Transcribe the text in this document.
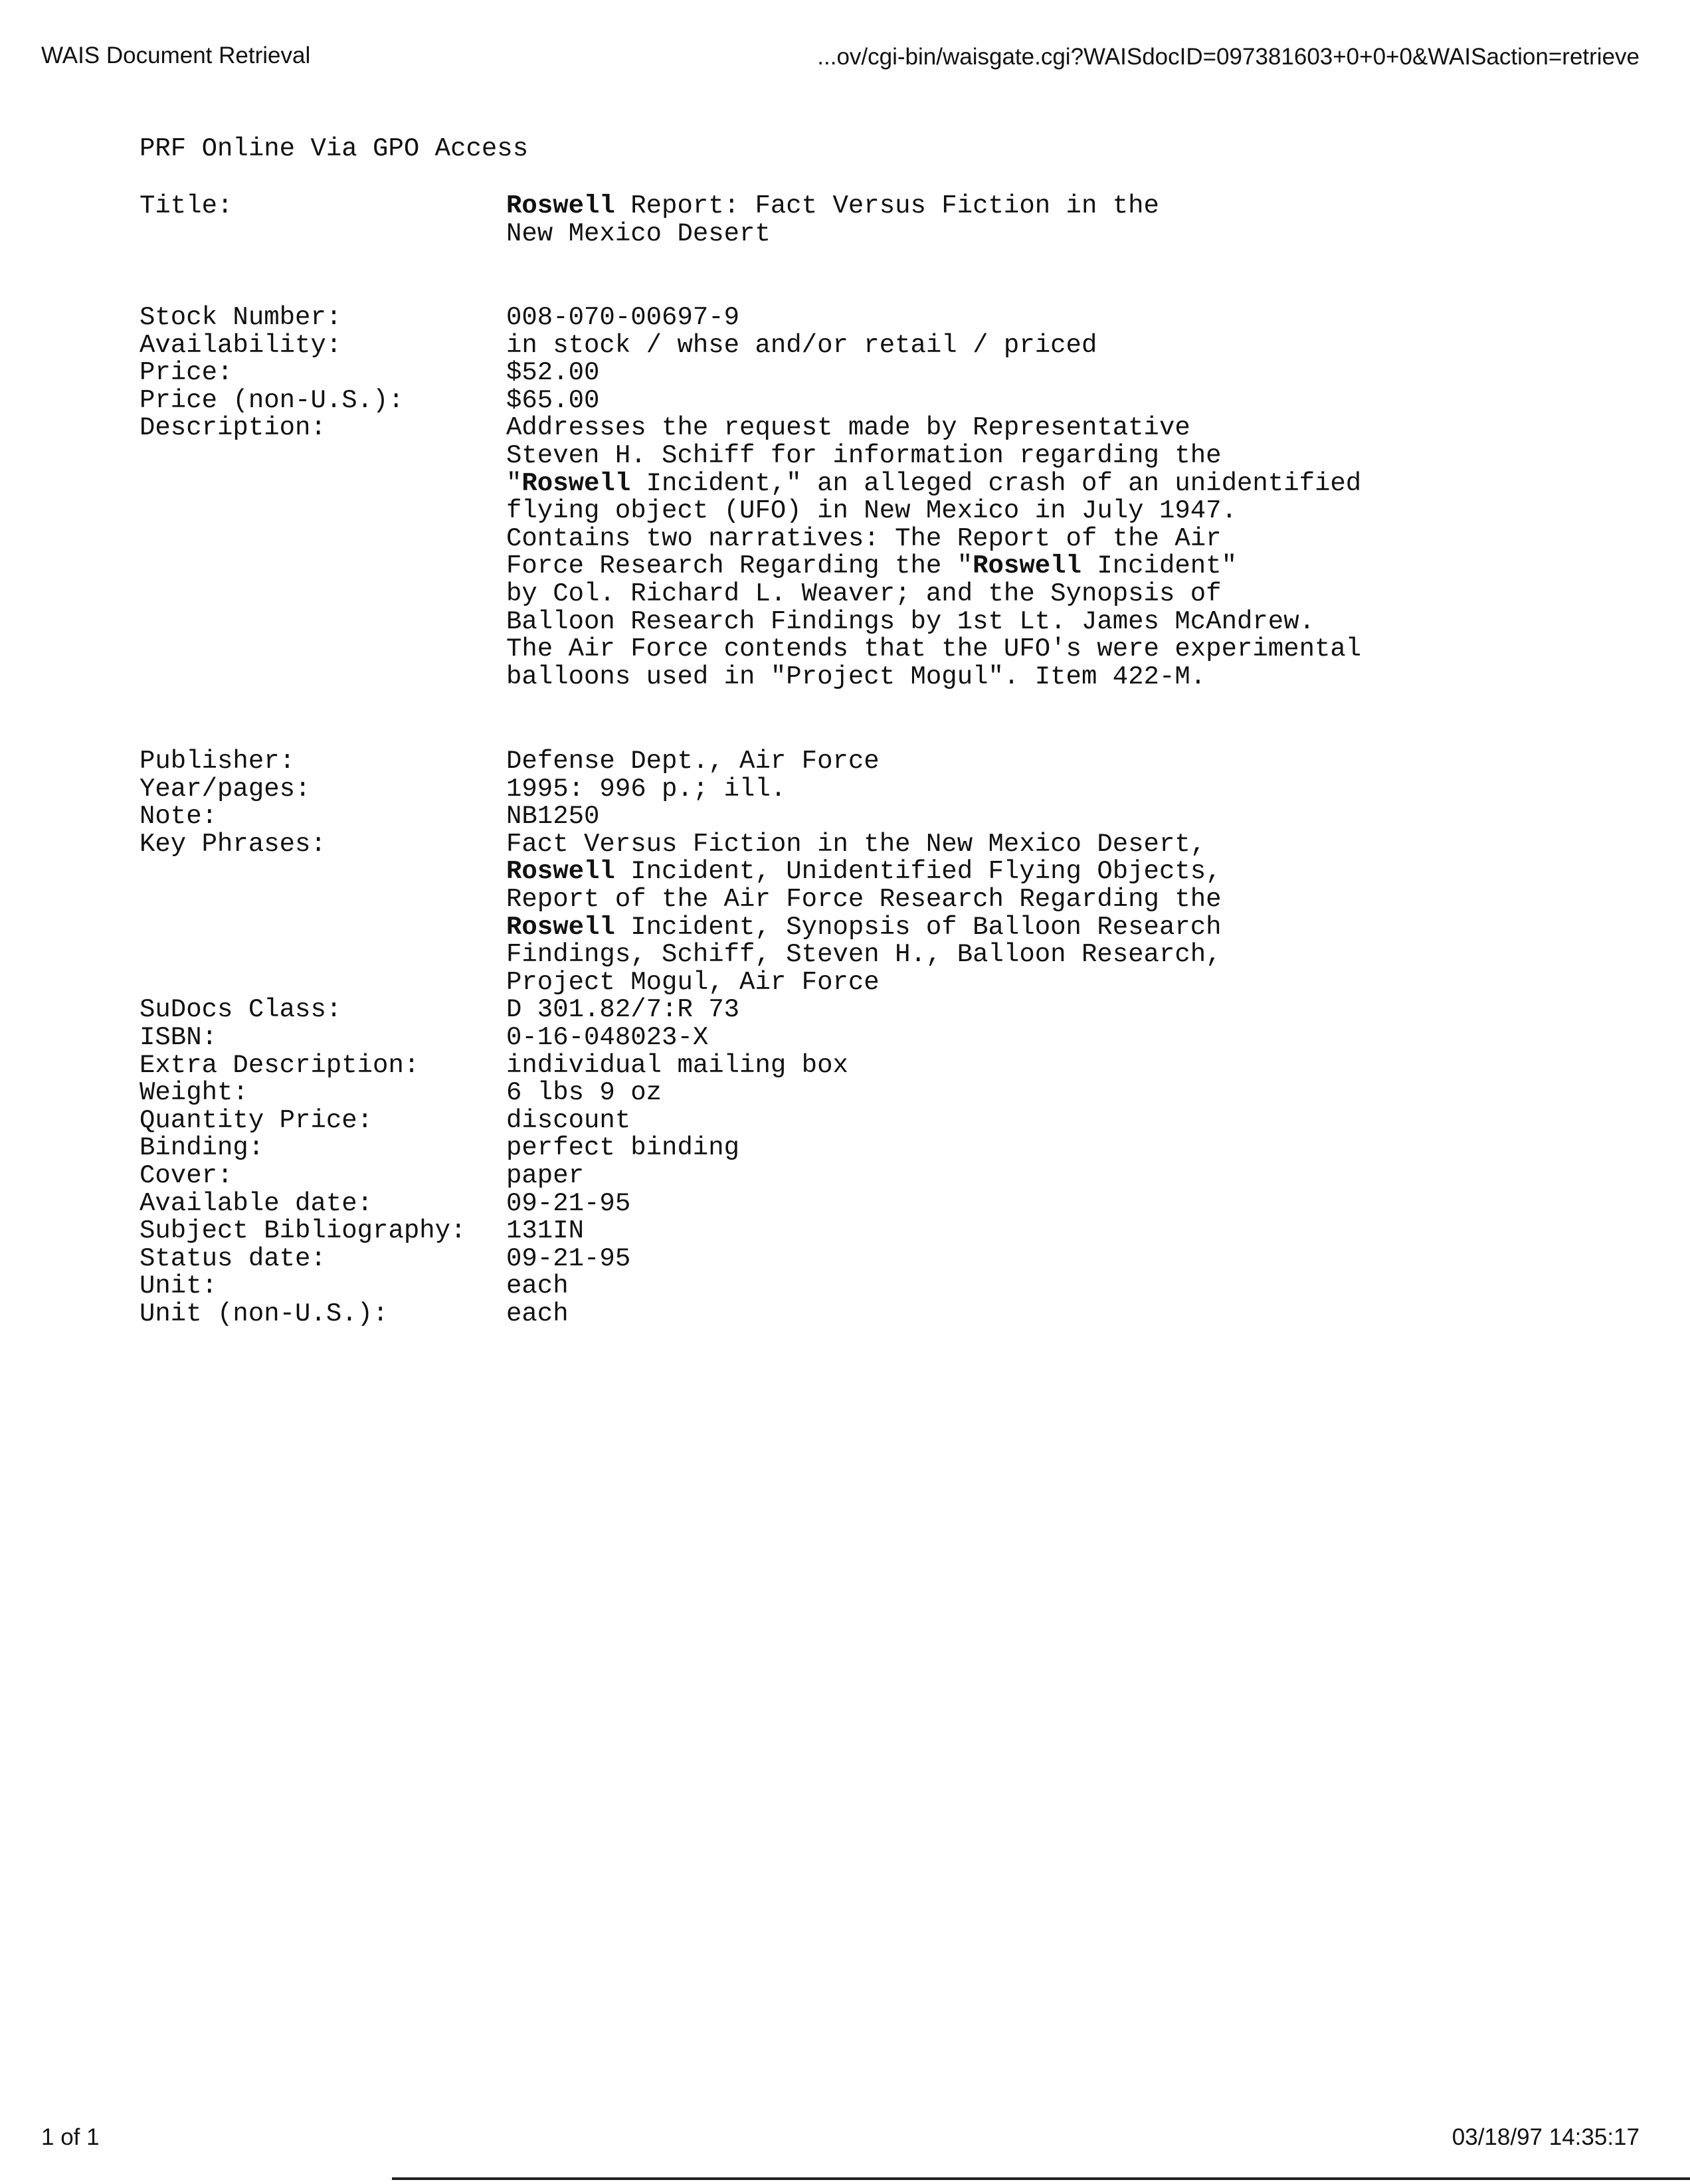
WAIS Document Retrieval	...ov/cgi-bin/waisgate.cgi?WAISdocID=097381603+0+0+0&WAISaction=retrieve
PRF Online Via GPO Access
Title:	Roswell Report: Fact Versus Fiction in the
New Mexico Desert
Stock Number:	008-070-00697-9
Availability:	in stock / whse and/or retail / priced
Price:	$52.00
Price (non-U.S.):	$65.00
Description:	Addresses the request made by Representative
Steven H. Schiff for information regarding the
"Roswell Incident," an alleged crash of an unidentified
flying object (UFO) in New Mexico in July 1947.
Contains two narratives: The Report of the Air
Force Research Regarding the "Roswell Incident"
by Col. Richard L. Weaver; and the Synopsis of
Balloon Research Findings by 1st Lt. James McAndrew.
The Air Force contends that the UFO's were experimental
balloons used in "Project Mogul". Item 422-M.
Publisher:	Defense Dept., Air Force
Year/pages:	1995: 996 p.; ill.
Note:	NB1250
Key Phrases:	Fact Versus Fiction in the New Mexico Desert,
Roswell Incident, Unidentified Flying Objects,
Report of the Air Force Research Regarding the
Roswell Incident, Synopsis of Balloon Research
Findings, Schiff, Steven H., Balloon Research,
Project Mogul, Air Force
SuDocs Class:	D 301.82/7:R 73
ISBN:	0-16-048023-X
Extra Description:	individual mailing box
Weight:	6 lbs 9 oz
Quantity Price:	discount
Binding:	perfect binding
Cover:	paper
Available date:	09-21-95
Subject Bibliography:	131IN
Status date:	09-21-95
Unit:	each
Unit (non-U.S.):	each
1 of 1	03/18/97 14:35:17
